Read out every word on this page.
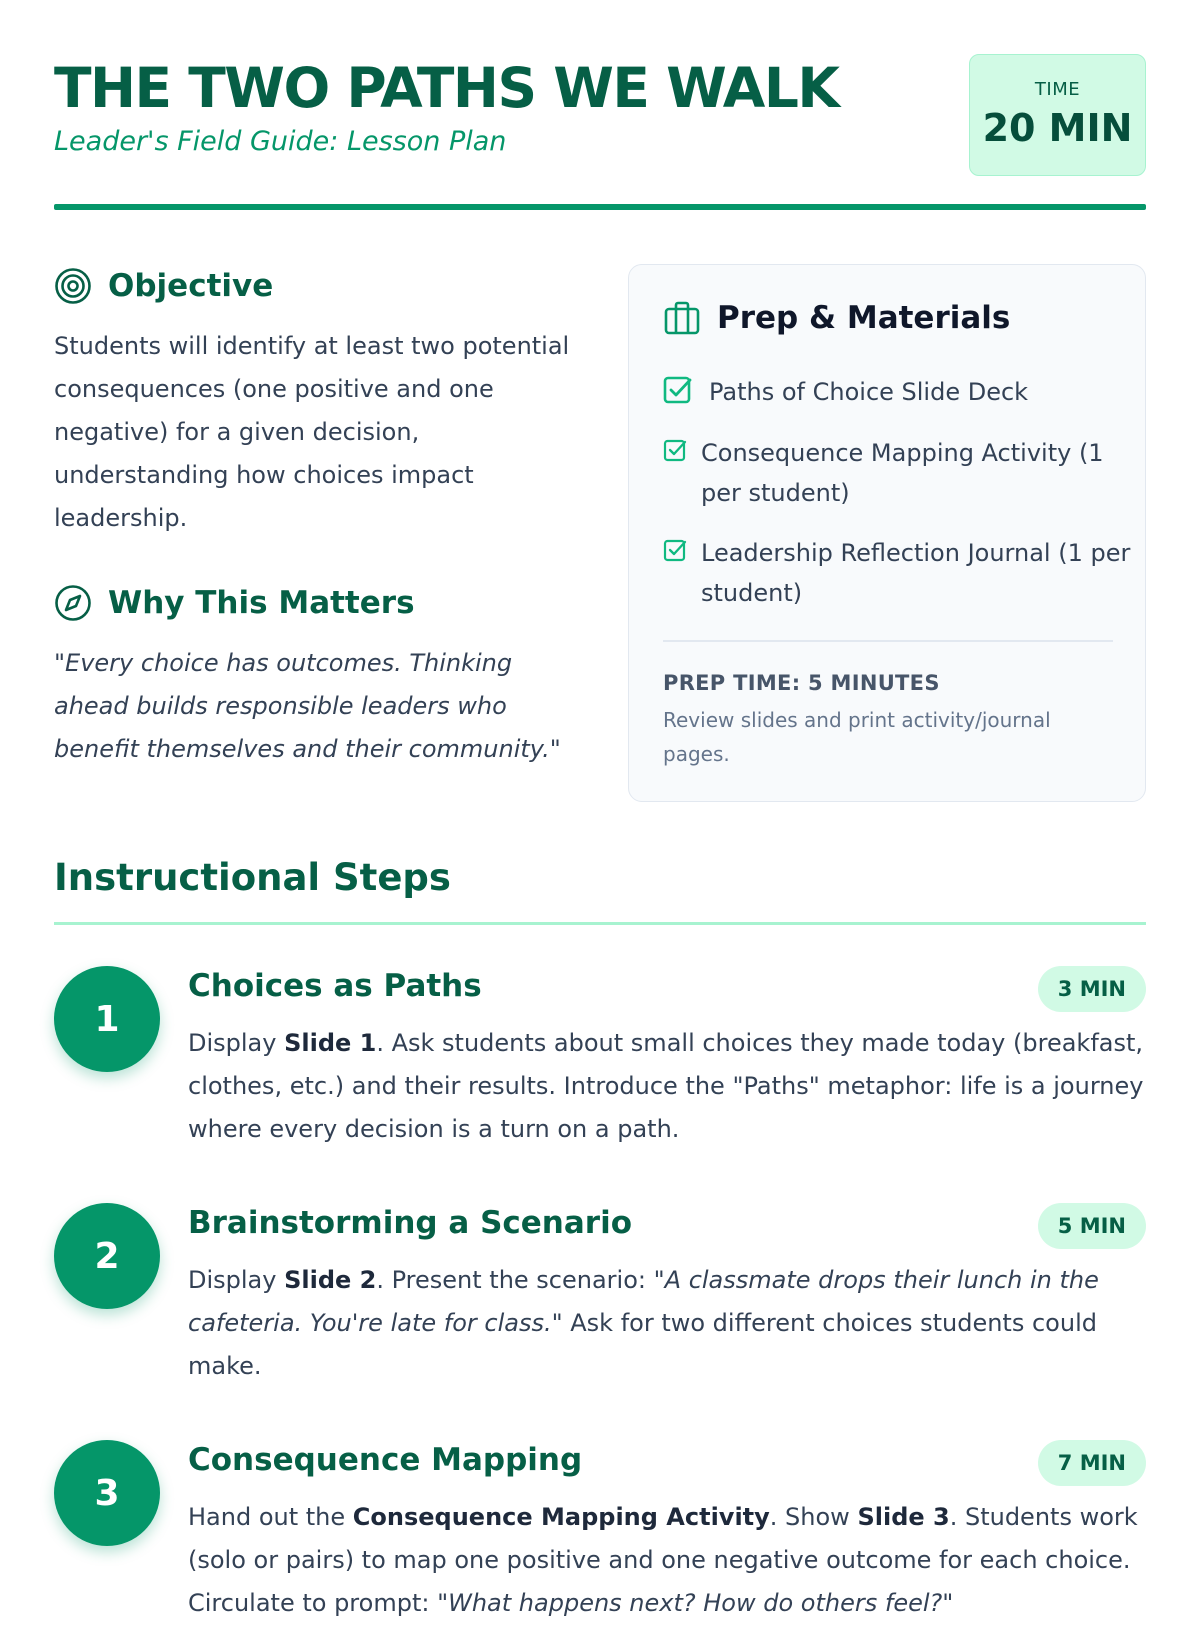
THE TWO PATHS WE WALK
Leader's Field Guide: Lesson Plan
TIME
20 MIN
Objective
Students will identify at least two potential consequences (one positive and one negative) for a given decision, understanding how choices impact leadership.
Why This Matters
"Every choice has outcomes. Thinking ahead builds responsible leaders who benefit themselves and their community."
Prep & Materials
Paths of Choice Slide Deck
Consequence Mapping Activity (1 per student)
Leadership Reflection Journal (1 per student)
PREP TIME: 5 MINUTES
Review slides and print activity/journal pages.
Instructional Steps
1
Choices as Paths	3 MIN
Display Slide 1. Ask students about small choices they made today (breakfast, clothes, etc.) and their results. Introduce the "Paths" metaphor: life is a journey where every decision is a turn on a path.
2
Brainstorming a Scenario	5 MIN
Display Slide 2. Present the scenario: "A classmate drops their lunch in the cafeteria. You're late for class." Ask for two different choices students could make.
3
Consequence Mapping	7 MIN
Hand out the Consequence Mapping Activity. Show Slide 3. Students work (solo or pairs) to map one positive and one negative outcome for each choice. Circulate to prompt: "What happens next? How do others feel?"
